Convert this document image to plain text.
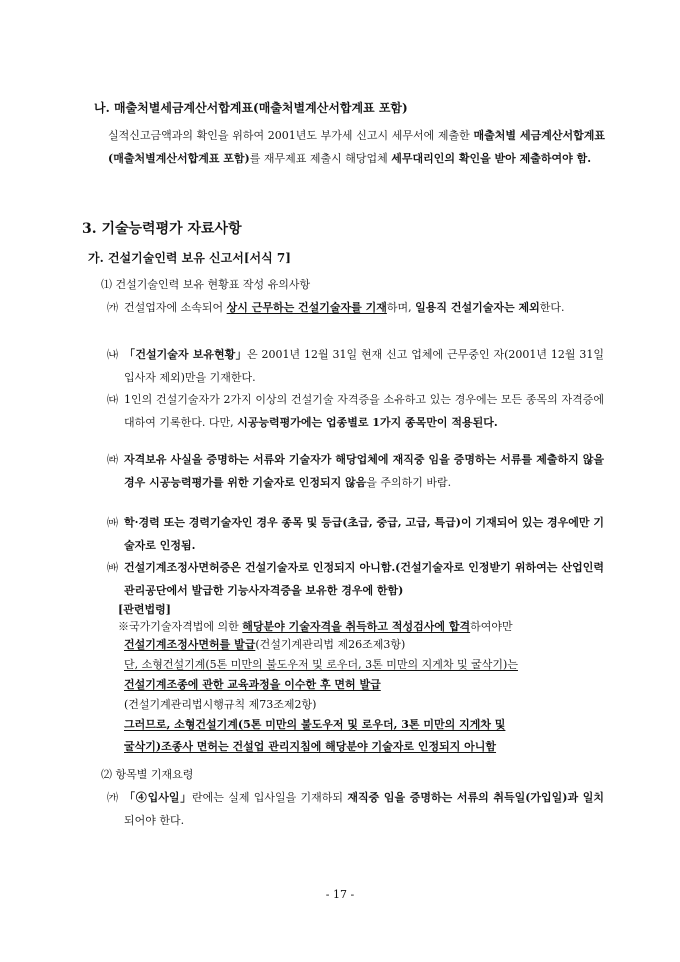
나. 매출처별세금계산서합계표(매출처별계산서합계표 포함)
실적신고금액과의 확인을 위하여 2001년도 부가세 신고시 세무서에 제출한 매출처별 세금계산서합계표(매출처별계산서합계표 포함)를 재무제표 제출시 해당업체 세무대리인의 확인을 받아 제출하여야 함.
3. 기술능력평가 자료사항
가. 건설기술인력 보유 신고서[서식 7]
⑴ 건설기술인력 보유 현황표 작성 유의사항
㈎ 건설업자에 소속되어 상시 근무하는 건설기술자를 기재하며, 일용직 건설기술자는 제외한다.
㈏ 「건설기술자 보유현황」은 2001년 12월 31일 현재 신고 업체에 근무중인 자(2001년 12월 31일 입사자 제외)만을 기재한다.
㈐ 1인의 건설기술자가 2가지 이상의 건설기술 자격증을 소유하고 있는 경우에는 모든 종목의 자격증에 대하여 기록한다. 다만, 시공능력평가에는 업종별로 1가지 종목만이 적용된다.
㈑ 자격보유 사실을 증명하는 서류와 기술자가 해당업체에 재직중 임을 증명하는 서류를 제출하지 않을 경우 시공능력평가를 위한 기술자로 인정되지 않음을 주의하기 바람.
㈒ 학·경력 또는 경력기술자인 경우 종목 및 등급(초급, 중급, 고급, 특급)이 기재되어 있는 경우에만 기술자로 인정됨.
㈓ 건설기계조정사면허증은 건설기술자로 인정되지 아니함.(건설기술자로 인정받기 위하여는 산업인력관리공단에서 발급한 기능사자격증을 보유한 경우에 한함)
[관련법령]
※국가기술자격법에 의한 해당분야 기술자격을 취득하고 적성검사에 합격하여야만
건설기계조정사면허를 발급(건설기계관리법 제26조제3항)
단, 소형건설기계(5톤 미만의 불도우저 및 로우더, 3톤 미만의 지게차 및 굴삭기)는
건설기계조종에 관한 교육과정을 이수한 후 면허 발급
(건설기계관리법시행규칙 제73조제2항)
그러므로, 소형건설기계(5톤 미만의 불도우저 및 로우더, 3톤 미만의 지게차 및
굴삭기)조종사 면허는 건설업 관리지침에 해당분야 기술자로 인정되지 아니함
⑵ 항목별 기재요령
㈎ 「④입사일」란에는 실제 입사일을 기재하되 재직중 임을 증명하는 서류의 취득일(가입일)과 일치되어야 한다.
- 17 -
